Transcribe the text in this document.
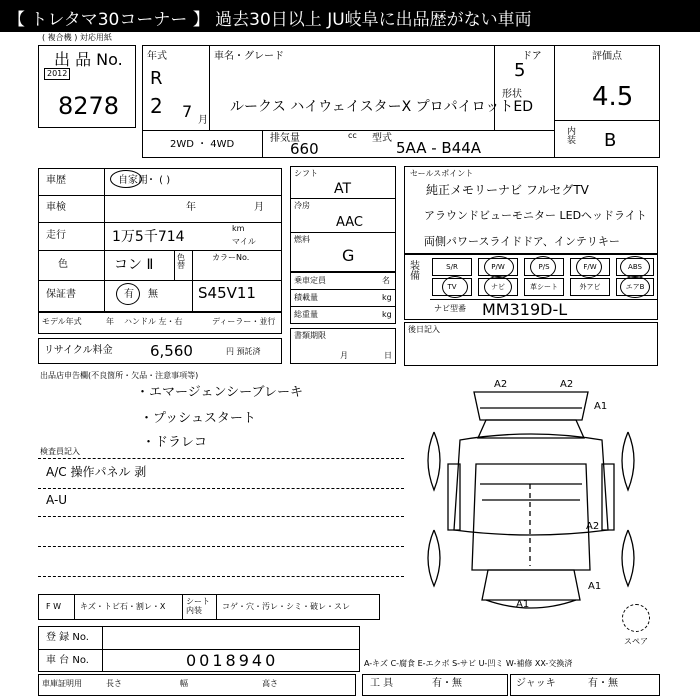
【 トレタマ30コーナー 】 過去30日以上 JU岐阜に出品歴がない車両
( 複合機 ) 対応用紙
出 品 No.
2012
8278
年式
R
2 7 月
車名・グレード
ルークス ハイウェイスターX プロパイロットED
ドア
5
形状
評価点
4.5
内装 B
2WD ・ 4WD
排気量	cc
660
型式
5AA - B44A
車歴	自家用
・ ( )
車検	年	月
走行	1万5千714
km
マイル
色	コン Ⅱ	色替
カラーNo.
S45V11
保証書	有 無
モデル年式	年 ハンドル 左・右	ディーラー・並行
リサイクル料金 6,560	円 預託済
シフト
AT
冷房
AAC
燃料
G
乗車定員	名
積載量	kg
総重量	kg
書類期限
月	日
セールスポイント
純正メモリーナビ フルセグTV
アラウンドビューモニター LEDヘッドライト
両側パワースライドドア、インテリキー
装備
S/R	P/W	P/S	F/W	ABS
TV	ナビ	革シート	外アビ	エアB
ナビ型番 MM319D-L
後日記入
出品店申告欄(不良箇所・欠品・注意事項等)
・エマージェンシーブレーキ
・プッシュスタート
・ドラレコ
検査員記入
A/C 操作パネル 剥
A-U
A2	A2
A1
A1
A2
A1
スペア
F W キズ・トビ石・割レ・X
シート 内装	コゲ・穴・汚レ・シミ・破レ・スレ
登 録 No.
車 台 No.	0018940	A-キズ C-腐食 E-エクボ S-サビ U-凹ミ W-補修 XX-交換済
車庫証明用	長さ	幅	高さ	工 具	有・無	ジャッキ	有・無
